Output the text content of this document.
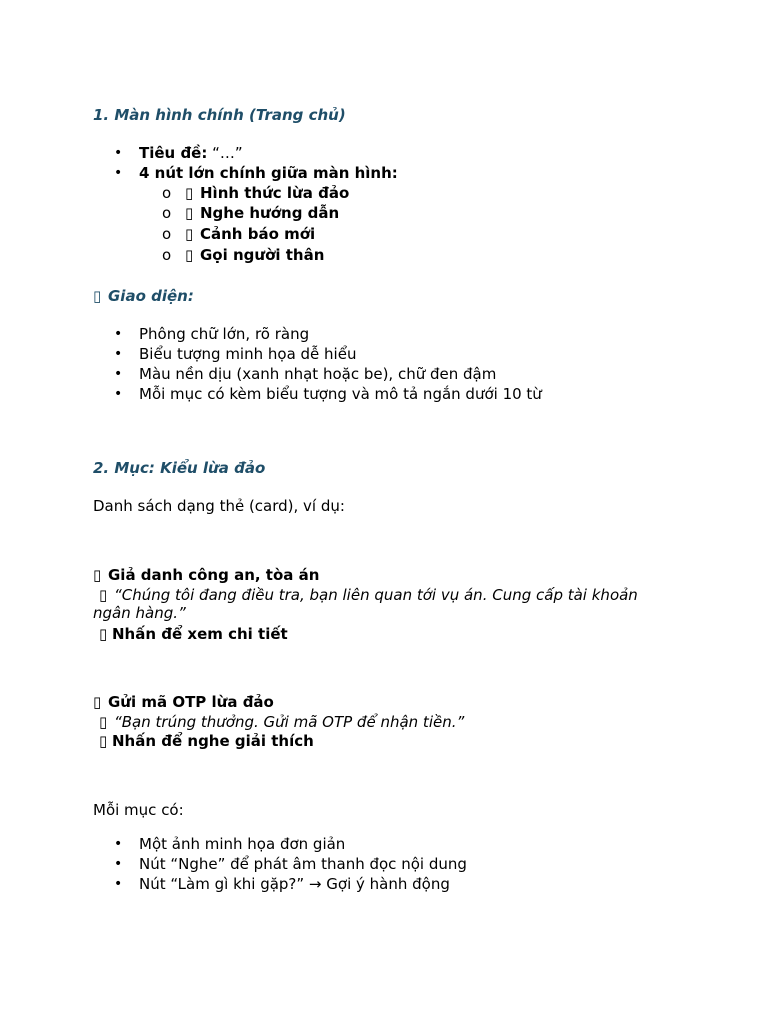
1. Màn hình chính (Trang chủ)
• Tiêu đề: “…”
• 4 nút lớn chính giữa màn hình:
o ▯ Hình thức lừa đảo
o ▯ Nghe hướng dẫn
o ▯ Cảnh báo mới
o ▯ Gọi người thân
▯ Giao diện:
• Phông chữ lớn, rõ ràng
• Biểu tượng minh họa dễ hiểu
• Màu nền dịu (xanh nhạt hoặc be), chữ đen đậm
• Mỗi mục có kèm biểu tượng và mô tả ngắn dưới 10 từ
2. Mục: Kiểu lừa đảo
Danh sách dạng thẻ (card), ví dụ:
▯ Giả danh công an, tòa án
▯ “Chúng tôi đang điều tra, bạn liên quan tới vụ án. Cung cấp tài khoản
ngân hàng.”
▯ Nhấn để xem chi tiết
▯ Gửi mã OTP lừa đảo
▯ “Bạn trúng thưởng. Gửi mã OTP để nhận tiền.”
▯ Nhấn để nghe giải thích
Mỗi mục có:
• Một ảnh minh họa đơn giản
• Nút “Nghe” để phát âm thanh đọc nội dung
• Nút “Làm gì khi gặp?” → Gợi ý hành động
